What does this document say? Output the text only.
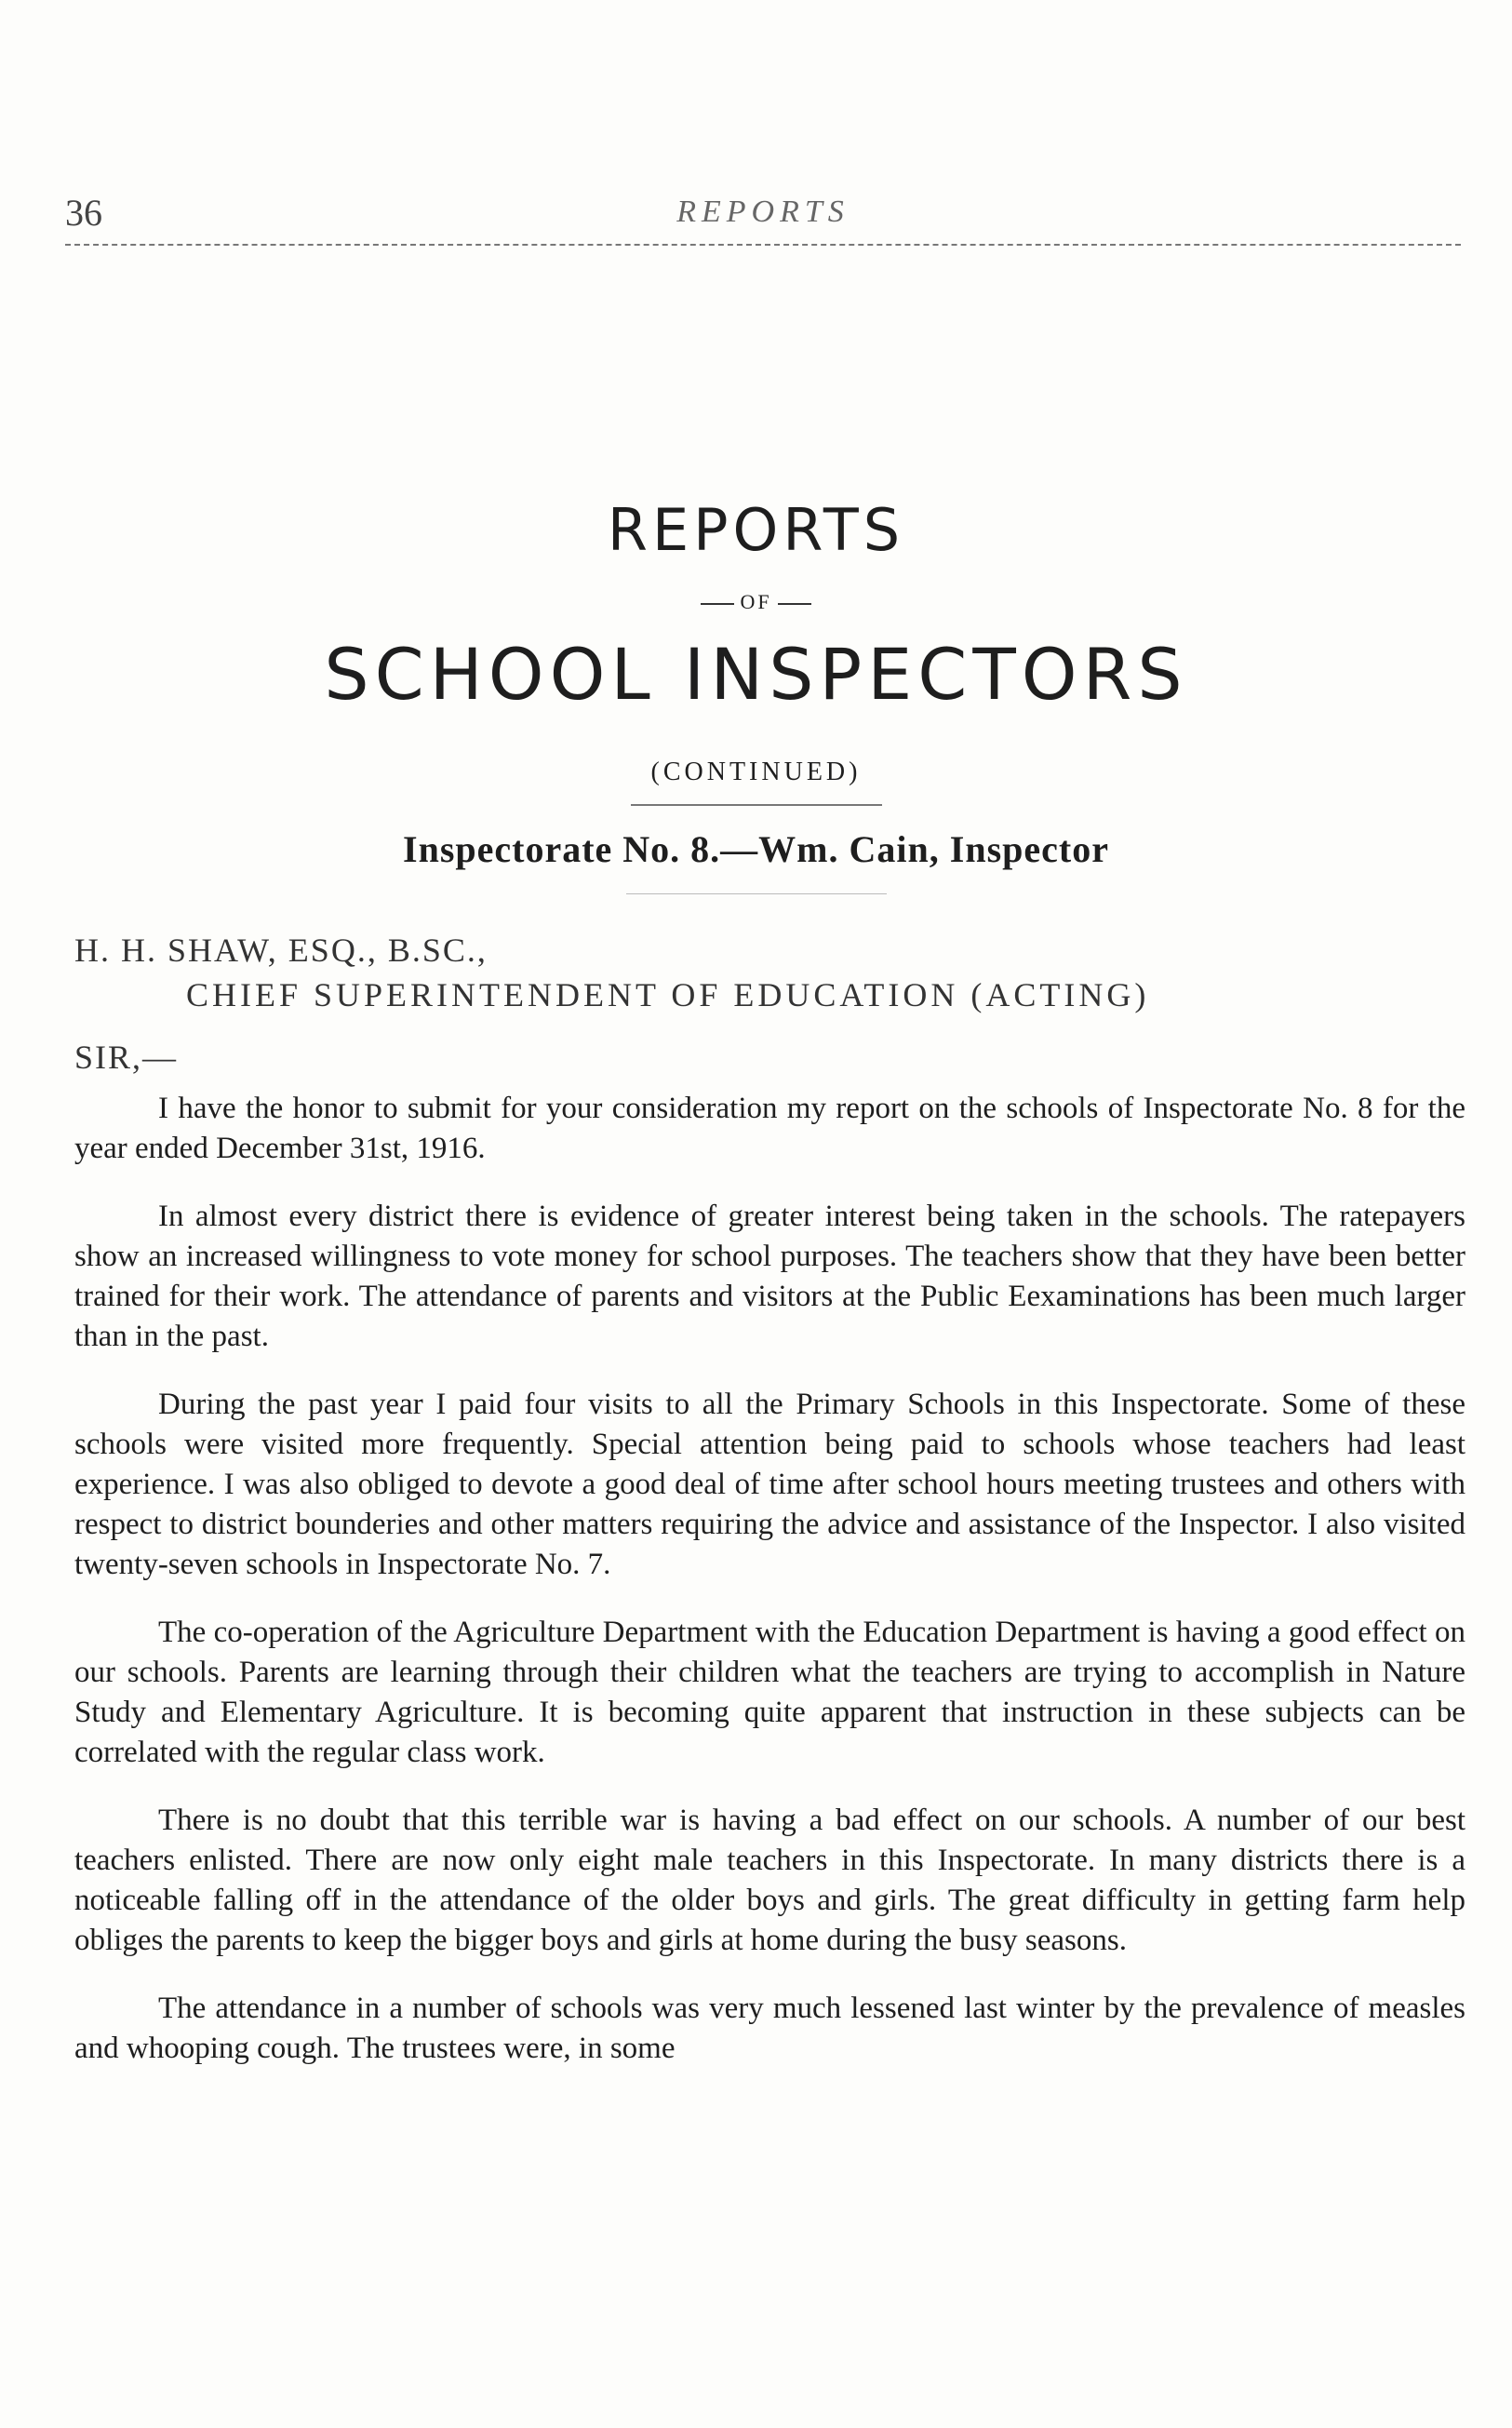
36	REPORTS
REPORTS
OF
SCHOOL INSPECTORS
(CONTINUED)
Inspectorate No. 8.—Wm. Cain, Inspector
H. H. SHAW, ESQ., B.SC.,
CHIEF SUPERINTENDENT OF EDUCATION (ACTING)
SIR,—

I have the honor to submit for your consideration my report on the schools of Inspectorate No. 8 for the year ended December 31st, 1916.

In almost every district there is evidence of greater interest being taken in the schools. The ratepayers show an increased willingness to vote money for school purposes. The teachers show that they have been better trained for their work. The attendance of parents and visitors at the Public Eexaminations has been much larger than in the past.

During the past year I paid four visits to all the Primary Schools in this Inspectorate. Some of these schools were visited more frequently. Special attention being paid to schools whose teachers had least experience. I was also obliged to devote a good deal of time after school hours meeting trustees and others with respect to district bounderies and other matters requiring the advice and assistance of the Inspector. I also visited twenty-seven schools in Inspectorate No. 7.

The co-operation of the Agriculture Department with the Education Department is having a good effect on our schools. Parents are learning through their children what the teachers are trying to accomplish in Nature Study and Elementary Agriculture. It is becoming quite apparent that instruction in these subjects can be correlated with the regular class work.

There is no doubt that this terrible war is having a bad effect on our schools. A number of our best teachers enlisted. There are now only eight male teachers in this Inspectorate. In many districts there is a noticeable falling off in the attendance of the older boys and girls. The great difficulty in getting farm help obliges the parents to keep the bigger boys and girls at home during the busy seasons.

The attendance in a number of schools was very much lessened last winter by the prevalence of measles and whooping cough. The trustees were, in some
